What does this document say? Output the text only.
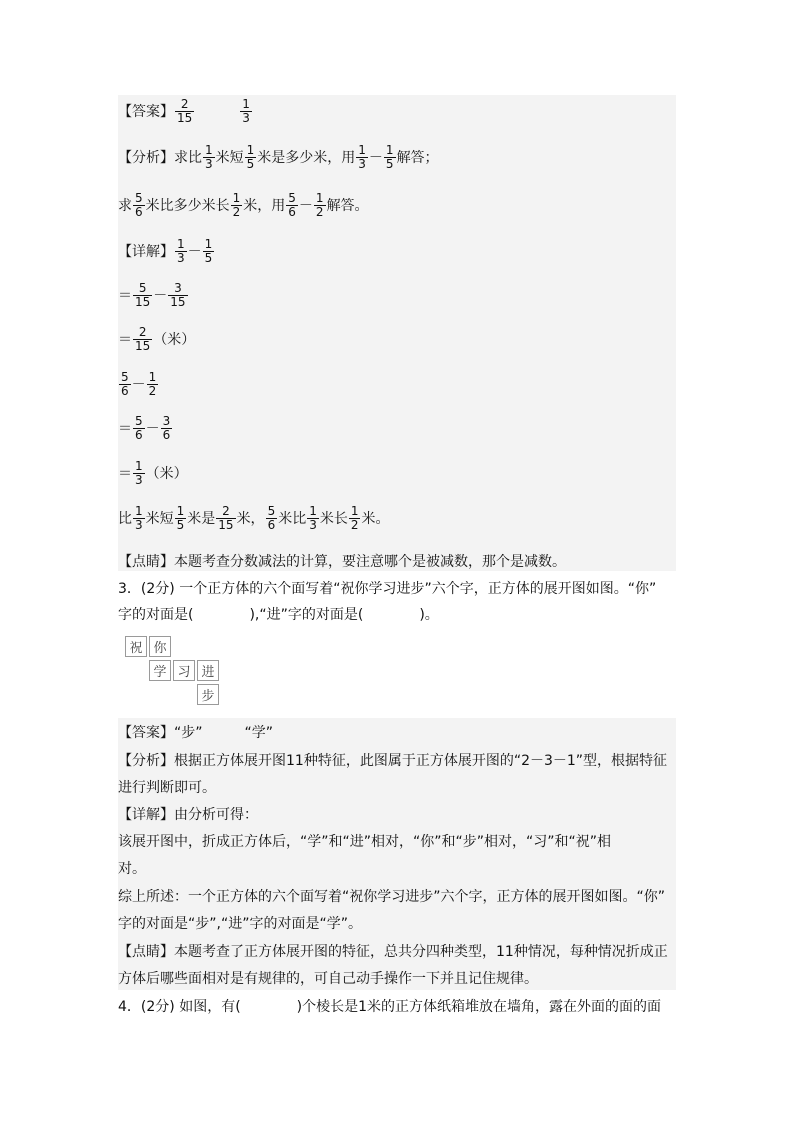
【答案】 $\frac{2}{15}$	$\frac{1}{3}$
【分析】 求比 $\frac{1}{3}$ 米短 $\frac{1}{5}$ 米是多少米，用 $\frac{1}{3} - \frac{1}{5}$ 解答；
求 $\frac{5}{6}$ 米比多少米长 $\frac{1}{2}$ 米，用 $\frac{5}{6} - \frac{1}{2}$ 解答。
【详解】 $\frac{1}{3} - \frac{1}{5}$
＝ $\frac{5}{15} - \frac{3}{15}$
＝ $\frac{2}{15}$ （米）
$\frac{5}{6} - \frac{1}{2}$
＝ $\frac{5}{6} - \frac{3}{6}$
＝ $\frac{1}{3}$ （米）
比 $\frac{1}{3}$ 米短 $\frac{1}{5}$ 米是 $\frac{2}{15}$ 米， $\frac{5}{6}$ 米比 $\frac{1}{3}$ 米长 $\frac{1}{2}$ 米。
【点睛】本题考查分数减法的计算，要注意哪个是被减数，那个是减数。
3．(2分) 一个正方体的六个面写着“祝你学习进步”六个字，正方体的展开图如图。“你”
字的对面是(　　　　),“进”字的对面是(　　　　)。
祝 你
学 习 进
步
【答案】“步”　　　“学”
【分析】根据正方体展开图11种特征，此图属于正方体展开图的“2－3－1”型，根据特征
进行判断即可。
【详解】由分析可得：
该展开图中，折成正方体后，“学”和“进”相对，“你”和“步”相对，“习”和“祝”相
对。
综上所述：一个正方体的六个面写着“祝你学习进步”六个字，正方体的展开图如图。“你”
字的对面是“步”,“进”字的对面是“学”。
【点睛】本题考查了正方体展开图的特征，总共分四种类型，11种情况，每种情况折成正
方体后哪些面相对是有规律的，可自己动手操作一下并且记住规律。
4．(2分) 如图，有(　　　　)个棱长是1米的正方体纸箱堆放在墙角，露在外面的面的面
